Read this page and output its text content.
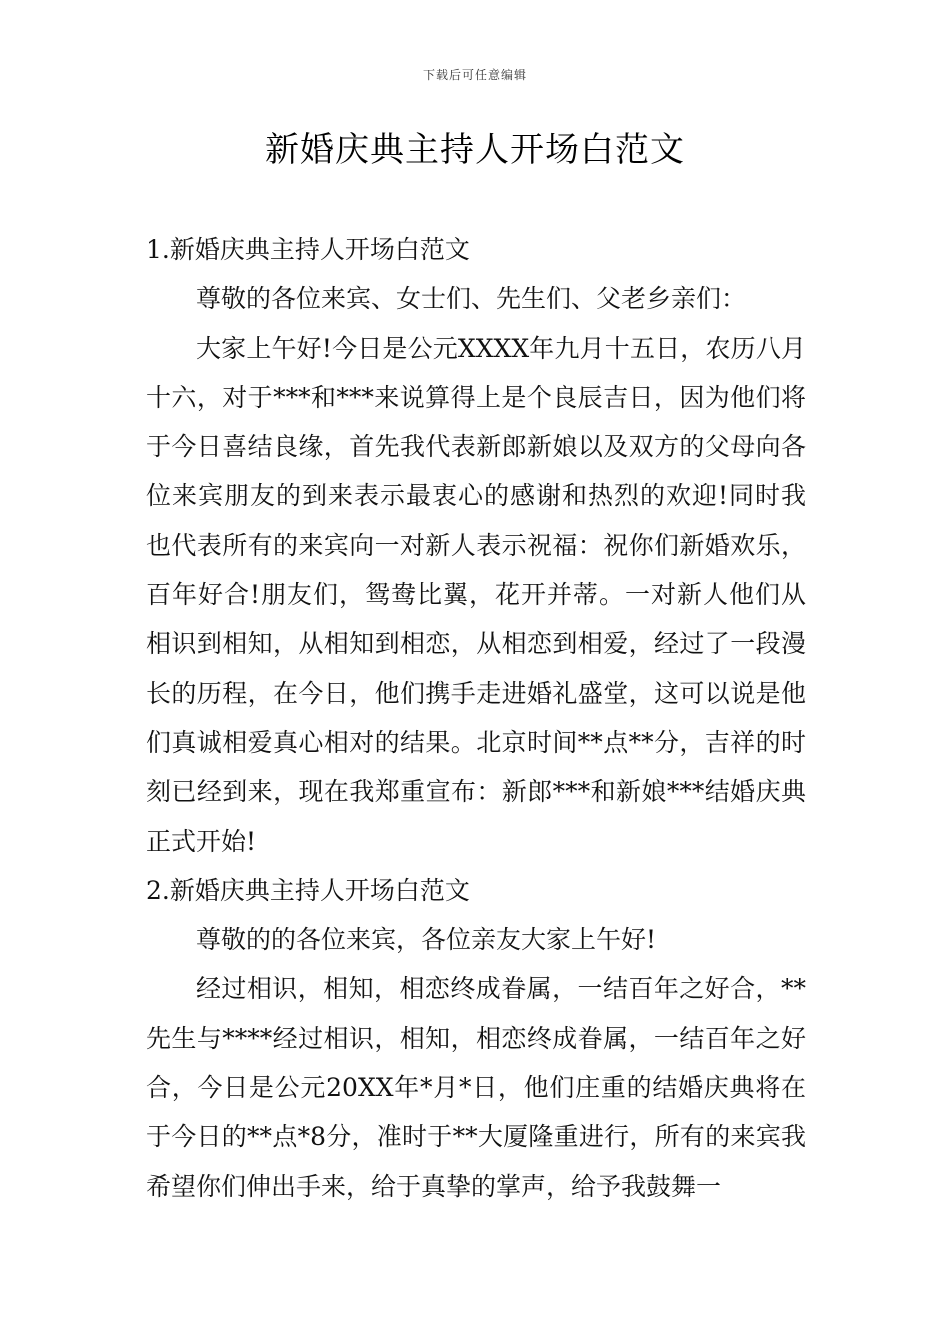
下载后可任意编辑
新婚庆典主持人开场白范文

1.新婚庆典主持人开场白范文

尊敬的各位来宾、女士们、先生们、父老乡亲们：

大家上午好!今日是公元XXXX年九月十五日，农历八月十六，对于***和***来说算得上是个良辰吉日，因为他们将于今日喜结良缘，首先我代表新郎新娘以及双方的父母向各位来宾朋友的到来表示最衷心的感谢和热烈的欢迎!同时我也代表所有的来宾向一对新人表示祝福：祝你们新婚欢乐，百年好合!朋友们，鸳鸯比翼，花开并蒂。一对新人他们从相识到相知，从相知到相恋，从相恋到相爱，经过了一段漫长的历程，在今日，他们携手走进婚礼盛堂，这可以说是他们真诚相爱真心相对的结果。北京时间**点**分，吉祥的时刻已经到来，现在我郑重宣布：新郎***和新娘***结婚庆典正式开始!

2.新婚庆典主持人开场白范文

尊敬的的各位来宾，各位亲友大家上午好!

经过相识，相知，相恋终成眷属，一结百年之好合，**先生与****经过相识，相知，相恋终成眷属，一结百年之好合，今日是公元20XX年*月*日，他们庄重的结婚庆典将在于今日的**点*8分，准时于**大厦隆重进行，所有的来宾我希望你们伸出手来，给于真挚的掌声，给予我鼓舞一
